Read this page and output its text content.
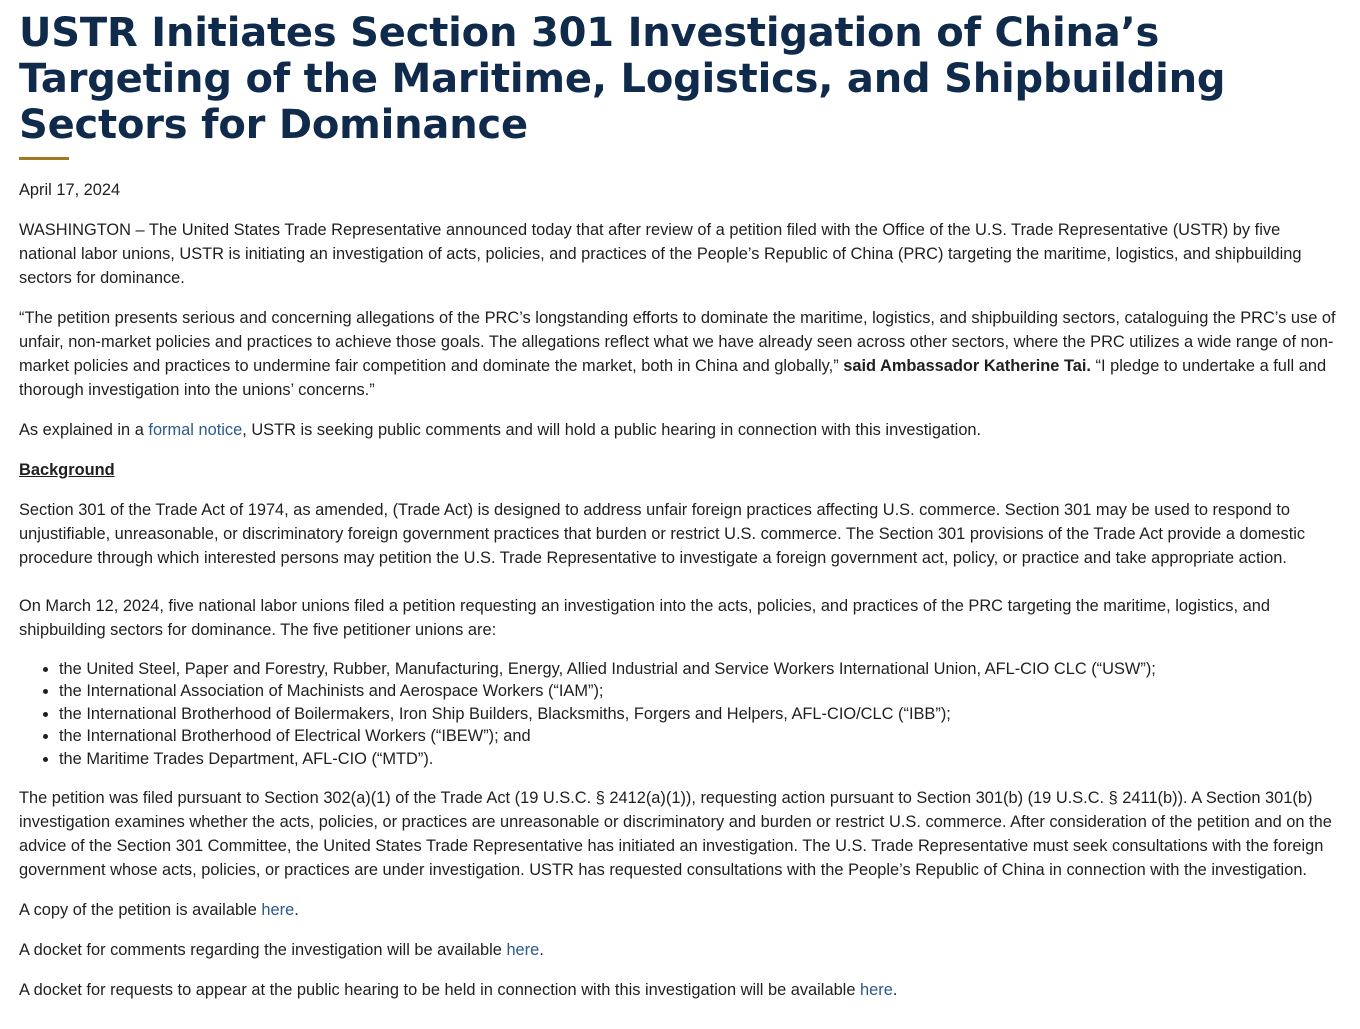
USTR Initiates Section 301 Investigation of China’s Targeting of the Maritime, Logistics, and Shipbuilding Sectors for Dominance

April 17, 2024

WASHINGTON – The United States Trade Representative announced today that after review of a petition filed with the Office of the U.S. Trade Representative (USTR) by five national labor unions, USTR is initiating an investigation of acts, policies, and practices of the People’s Republic of China (PRC) targeting the maritime, logistics, and shipbuilding sectors for dominance.

“The petition presents serious and concerning allegations of the PRC’s longstanding efforts to dominate the maritime, logistics, and shipbuilding sectors, cataloguing the PRC’s use of unfair, non-market policies and practices to achieve those goals. The allegations reflect what we have already seen across other sectors, where the PRC utilizes a wide range of non-market policies and practices to undermine fair competition and dominate the market, both in China and globally,” said Ambassador Katherine Tai. “I pledge to undertake a full and thorough investigation into the unions’ concerns.”

As explained in a formal notice, USTR is seeking public comments and will hold a public hearing in connection with this investigation.

Background

Section 301 of the Trade Act of 1974, as amended, (Trade Act) is designed to address unfair foreign practices affecting U.S. commerce. Section 301 may be used to respond to unjustifiable, unreasonable, or discriminatory foreign government practices that burden or restrict U.S. commerce. The Section 301 provisions of the Trade Act provide a domestic procedure through which interested persons may petition the U.S. Trade Representative to investigate a foreign government act, policy, or practice and take appropriate action.

On March 12, 2024, five national labor unions filed a petition requesting an investigation into the acts, policies, and practices of the PRC targeting the maritime, logistics, and shipbuilding sectors for dominance. The five petitioner unions are:

• the United Steel, Paper and Forestry, Rubber, Manufacturing, Energy, Allied Industrial and Service Workers International Union, AFL-CIO CLC (“USW”);
• the International Association of Machinists and Aerospace Workers (“IAM”);
• the International Brotherhood of Boilermakers, Iron Ship Builders, Blacksmiths, Forgers and Helpers, AFL-CIO/CLC (“IBB”);
• the International Brotherhood of Electrical Workers (“IBEW”); and
• the Maritime Trades Department, AFL-CIO (“MTD”).

The petition was filed pursuant to Section 302(a)(1) of the Trade Act (19 U.S.C. § 2412(a)(1)), requesting action pursuant to Section 301(b) (19 U.S.C. § 2411(b)). A Section 301(b) investigation examines whether the acts, policies, or practices are unreasonable or discriminatory and burden or restrict U.S. commerce. After consideration of the petition and on the advice of the Section 301 Committee, the United States Trade Representative has initiated an investigation. The U.S. Trade Representative must seek consultations with the foreign government whose acts, policies, or practices are under investigation. USTR has requested consultations with the People’s Republic of China in connection with the investigation.

A copy of the petition is available here.

A docket for comments regarding the investigation will be available here.

A docket for requests to appear at the public hearing to be held in connection with this investigation will be available here.
